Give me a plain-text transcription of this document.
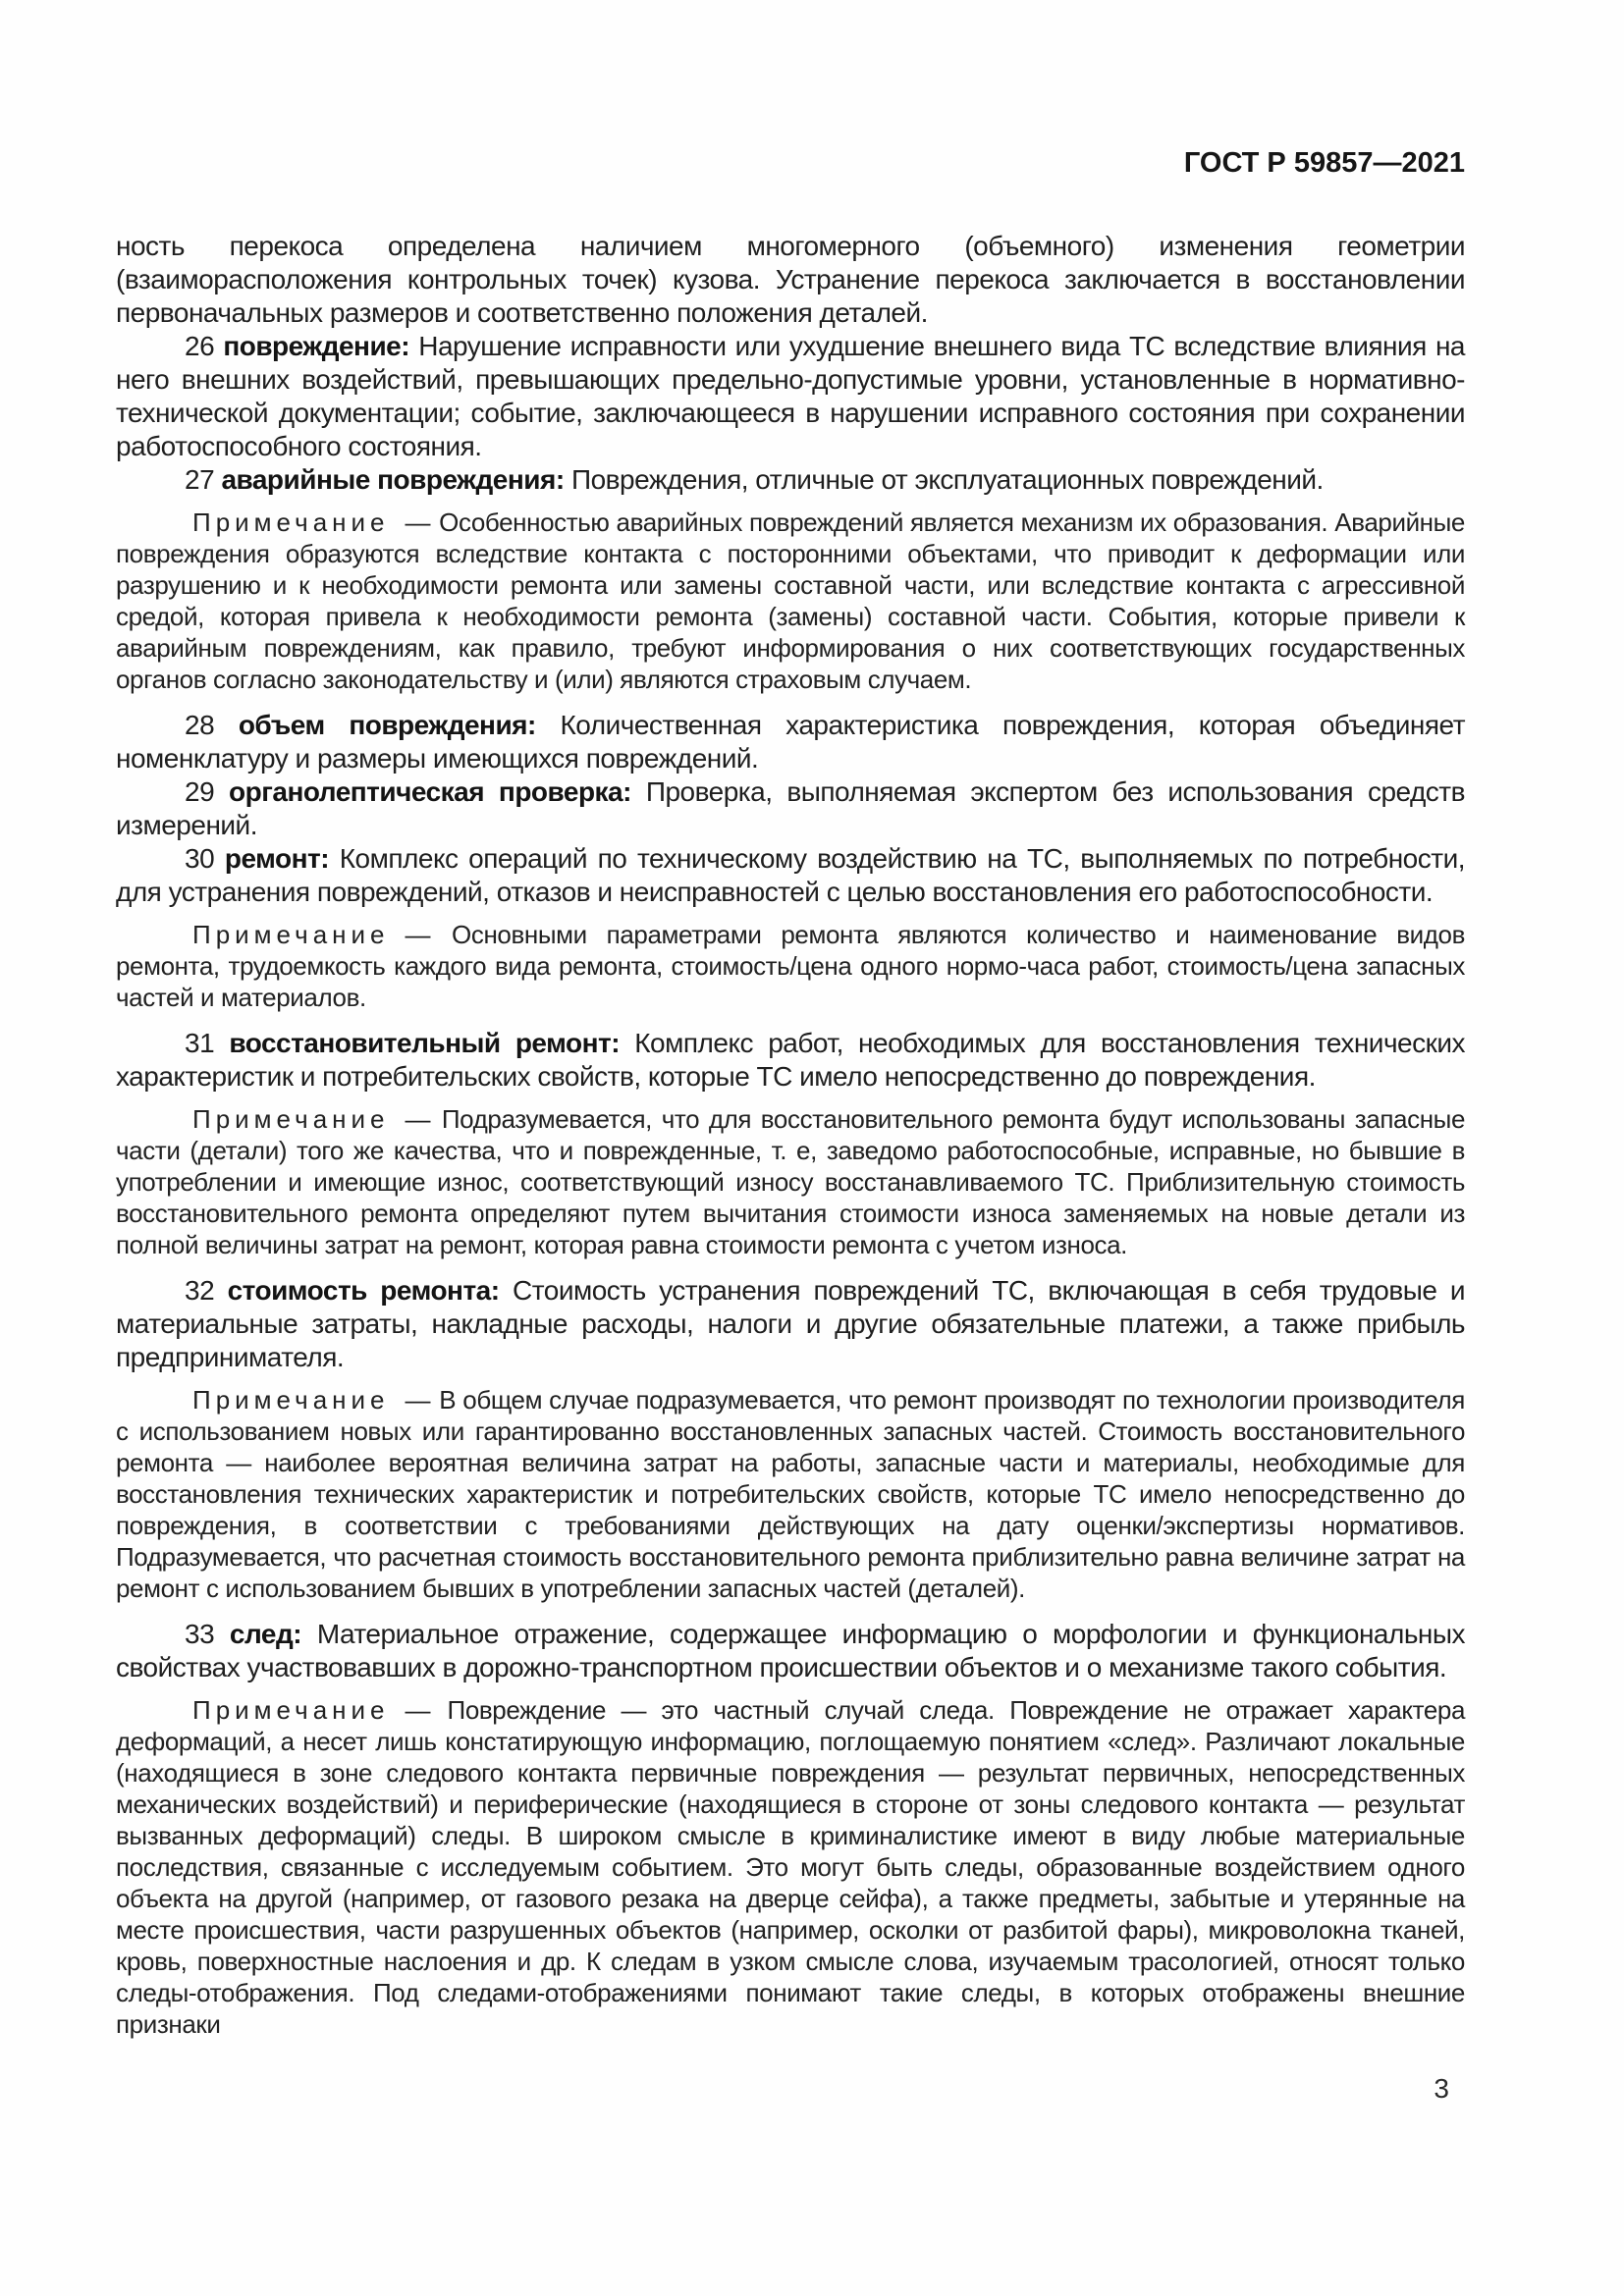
ГОСТ Р 59857—2021

ность перекоса определена наличием многомерного (объемного) изменения геометрии (взаиморасположения контрольных точек) кузова. Устранение перекоса заключается в восстановлении первоначальных размеров и соответственно положения деталей.

26 повреждение: Нарушение исправности или ухудшение внешнего вида ТС вследствие влияния на него внешних воздействий, превышающих предельно-допустимые уровни, установленные в нормативно-технической документации; событие, заключающееся в нарушении исправного состояния при сохранении работоспособного состояния.

27 аварийные повреждения: Повреждения, отличные от эксплуатационных повреждений.

Примечание — Особенностью аварийных повреждений является механизм их образования. Аварийные повреждения образуются вследствие контакта с посторонними объектами, что приводит к деформации или разрушению и к необходимости ремонта или замены составной части, или вследствие контакта с агрессивной средой, которая привела к необходимости ремонта (замены) составной части. События, которые привели к аварийным повреждениям, как правило, требуют информирования о них соответствующих государственных органов согласно законодательству и (или) являются страховым случаем.

28 объем повреждения: Количественная характеристика повреждения, которая объединяет номенклатуру и размеры имеющихся повреждений.

29 органолептическая проверка: Проверка, выполняемая экспертом без использования средств измерений.

30 ремонт: Комплекс операций по техническому воздействию на ТС, выполняемых по потребности, для устранения повреждений, отказов и неисправностей с целью восстановления его работоспособности.

Примечание — Основными параметрами ремонта являются количество и наименование видов ремонта, трудоемкость каждого вида ремонта, стоимость/цена одного нормо-часа работ, стоимость/цена запасных частей и материалов.

31 восстановительный ремонт: Комплекс работ, необходимых для восстановления технических характеристик и потребительских свойств, которые ТС имело непосредственно до повреждения.

Примечание — Подразумевается, что для восстановительного ремонта будут использованы запасные части (детали) того же качества, что и поврежденные, т. е, заведомо работоспособные, исправные, но бывшие в употреблении и имеющие износ, соответствующий износу восстанавливаемого ТС. Приблизительную стоимость восстановительного ремонта определяют путем вычитания стоимости износа заменяемых на новые детали из полной величины затрат на ремонт, которая равна стоимости ремонта с учетом износа.

32 стоимость ремонта: Стоимость устранения повреждений ТС, включающая в себя трудовые и материальные затраты, накладные расходы, налоги и другие обязательные платежи, а также прибыль предпринимателя.

Примечание — В общем случае подразумевается, что ремонт производят по технологии производителя с использованием новых или гарантированно восстановленных запасных частей. Стоимость восстановительного ремонта — наиболее вероятная величина затрат на работы, запасные части и материалы, необходимые для восстановления технических характеристик и потребительских свойств, которые ТС имело непосредственно до повреждения, в соответствии с требованиями действующих на дату оценки/экспертизы нормативов. Подразумевается, что расчетная стоимость восстановительного ремонта приблизительно равна величине затрат на ремонт с использованием бывших в употреблении запасных частей (деталей).

33 след: Материальное отражение, содержащее информацию о морфологии и функциональных свойствах участвовавших в дорожно-транспортном происшествии объектов и о механизме такого события.

Примечание — Повреждение — это частный случай следа. Повреждение не отражает характера деформаций, а несет лишь констатирующую информацию, поглощаемую понятием «след». Различают локальные (находящиеся в зоне следового контакта первичные повреждения — результат первичных, непосредственных механических воздействий) и периферические (находящиеся в стороне от зоны следового контакта — результат вызванных деформаций) следы. В широком смысле в криминалистике имеют в виду любые материальные последствия, связанные с исследуемым событием. Это могут быть следы, образованные воздействием одного объекта на другой (например, от газового резака на дверце сейфа), а также предметы, забытые и утерянные на месте происшествия, части разрушенных объектов (например, осколки от разбитой фары), микроволокна тканей, кровь, поверхностные наслоения и др. К следам в узком смысле слова, изучаемым трасологией, относят только следы-отображения. Под следами-отображениями понимают такие следы, в которых отображены внешние признаки

3
